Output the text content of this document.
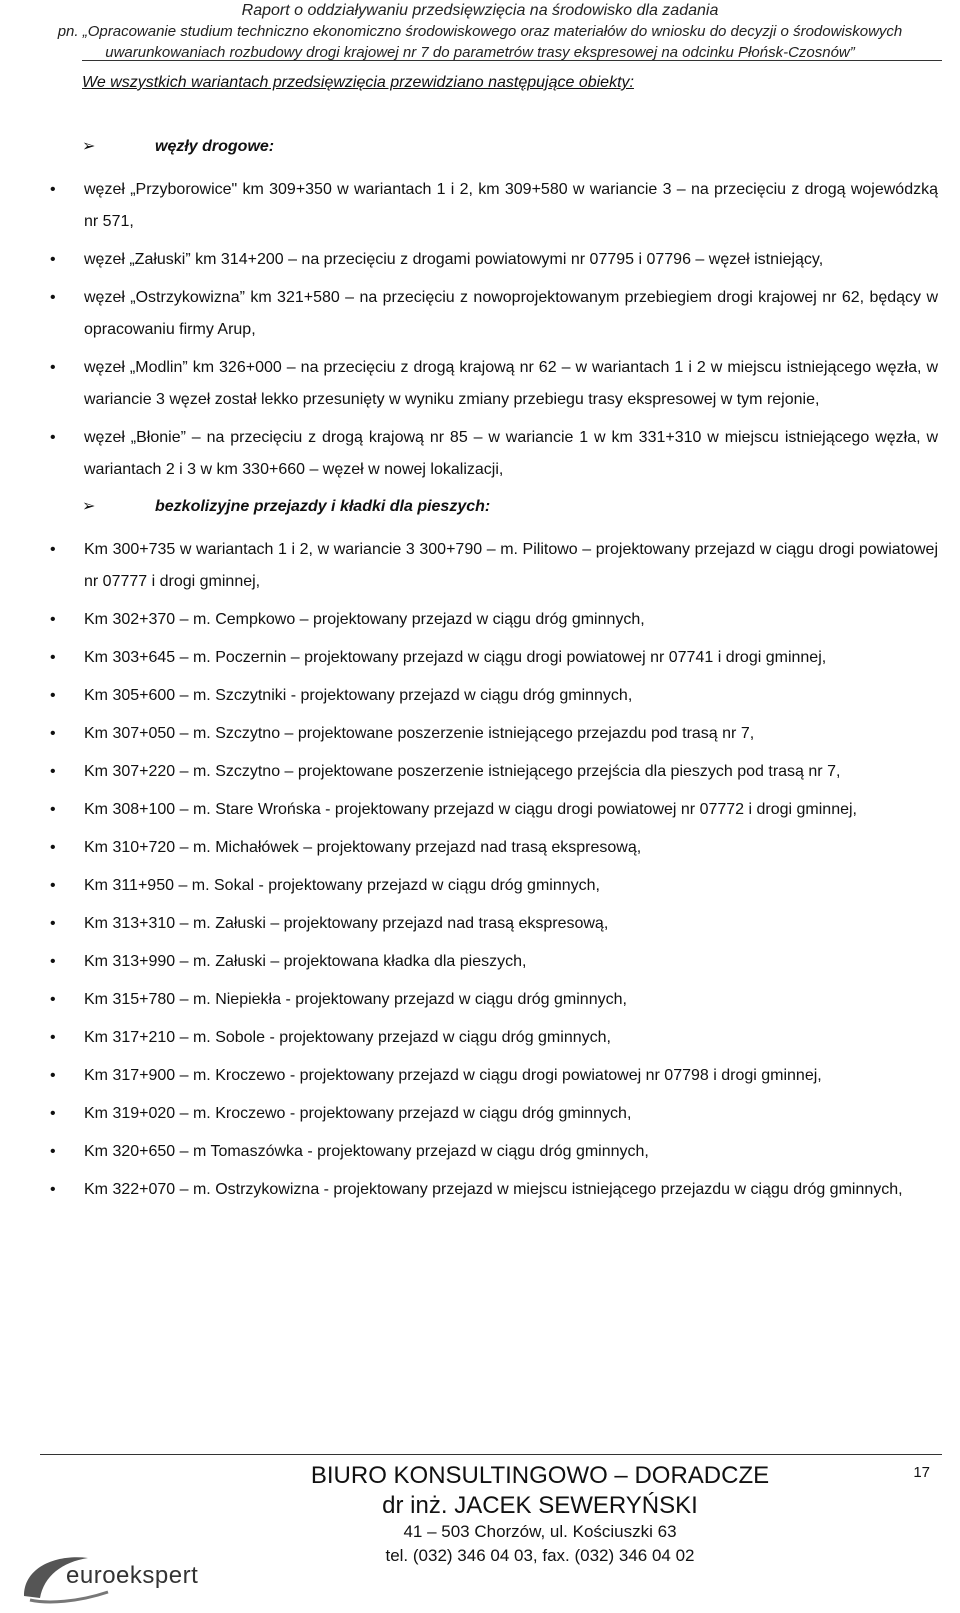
Raport o oddziaływaniu przedsięwzięcia na środowisko dla zadania
pn. „Opracowanie studium techniczno ekonomiczno środowiskowego oraz materiałów do wniosku do decyzji o środowiskowych
uwarunkowaniach rozbudowy drogi krajowej nr 7 do parametrów trasy ekspresowej na odcinku Płońsk-Czosnów”
We wszystkich wariantach przedsięwzięcia przewidziano następujące obiekty:
➢	węzły drogowe:
• węzeł „Przyborowice" km 309+350 w wariantach 1 i 2, km 309+580 w wariancie 3 – na przecięciu z drogą wojewódzką nr 571,
• węzeł „Załuski” km 314+200 – na przecięciu z drogami powiatowymi nr 07795 i 07796 – węzeł istniejący,
• węzeł „Ostrzykowizna” km 321+580 – na przecięciu z nowoprojektowanym przebiegiem drogi krajowej nr 62, będący w opracowaniu firmy Arup,
• węzeł „Modlin” km 326+000 – na przecięciu z drogą krajową nr 62 – w wariantach 1 i 2 w miejscu istniejącego węzła, w wariancie 3 węzeł został lekko przesunięty w wyniku zmiany przebiegu trasy ekspresowej w tym rejonie,
• węzeł „Błonie” – na przecięciu z drogą krajową nr 85 – w wariancie 1 w km 331+310 w miejscu istniejącego węzła, w wariantach 2 i 3 w km 330+660 – węzeł w nowej lokalizacji,
➢	bezkolizyjne przejazdy i kładki dla pieszych:
• Km 300+735 w wariantach 1 i 2, w wariancie 3 300+790 – m. Pilitowo – projektowany przejazd w ciągu drogi powiatowej nr 07777 i drogi gminnej,
• Km 302+370 – m. Cempkowo – projektowany przejazd w ciągu dróg gminnych,
• Km 303+645 – m. Poczernin – projektowany przejazd w ciągu drogi powiatowej nr 07741 i drogi gminnej,
• Km 305+600 – m. Szczytniki - projektowany przejazd w ciągu dróg gminnych,
• Km 307+050 – m. Szczytno – projektowane poszerzenie istniejącego przejazdu pod trasą nr 7,
• Km 307+220 – m. Szczytno – projektowane poszerzenie istniejącego przejścia dla pieszych pod trasą nr 7,
• Km 308+100 – m. Stare Wrońska - projektowany przejazd w ciągu drogi powiatowej nr 07772 i drogi gminnej,
• Km 310+720 – m. Michałówek – projektowany przejazd nad trasą ekspresową,
• Km 311+950 – m. Sokal - projektowany przejazd w ciągu dróg gminnych,
• Km 313+310 – m. Załuski – projektowany przejazd nad trasą ekspresową,
• Km 313+990 – m. Załuski – projektowana kładka dla pieszych,
• Km 315+780 – m. Niepiekła - projektowany przejazd w ciągu dróg gminnych,
• Km 317+210 – m. Sobole - projektowany przejazd w ciągu dróg gminnych,
• Km 317+900 – m. Kroczewo - projektowany przejazd w ciągu drogi powiatowej nr 07798 i drogi gminnej,
• Km 319+020 – m. Kroczewo - projektowany przejazd w ciągu dróg gminnych,
• Km 320+650 – m Tomaszówka - projektowany przejazd w ciągu dróg gminnych,
• Km 322+070 – m. Ostrzykowizna - projektowany przejazd w miejscu istniejącego przejazdu w ciągu dróg gminnych,
euroekspert
BIURO KONSULTINGOWO – DORADCZE
dr inż. JACEK SEWERYŃSKI
41 – 503 Chorzów, ul. Kościuszki 63
tel. (032) 346 04 03, fax. (032) 346 04 02
17
